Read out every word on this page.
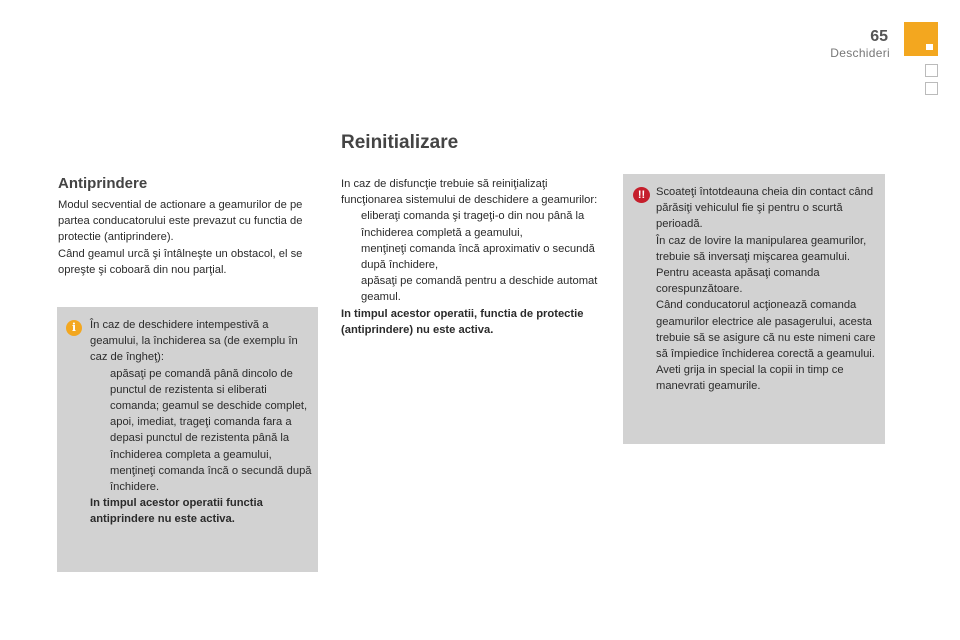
65
Deschideri
Antiprindere

Modul secvential de actionare a geamurilor de pe partea conducatorului este prevazut cu functia de protectie (antiprindere).

Când geamul urcă şi întâlneşte un obstacol, el se opreşte şi coboară din nou parţial.

i	În caz de deschidere intempestivă a geamului, la închiderea sa (de exemplu în caz de îngheţ):

apăsaţi pe comandă până dincolo de punctul de rezistenta si eliberati comanda; geamul se deschide complet,
apoi, imediat, trageţi comanda fara a depasi punctul de rezistenta până la închiderea completa a geamului,
menţineţi comanda încă o secundă după închidere.

In timpul acestor operatii functia antiprindere nu este activa.

Reinitializare

In caz de disfuncţie trebuie să reiniţializaţi funcţionarea sistemului de deschidere a geamurilor:

eliberaţi comanda şi trageţi-o din nou până la închiderea completă a geamului,
menţineţi comanda încă aproximativ o secundă după închidere,
apăsaţi pe comandă pentru a deschide automat geamul.

In timpul acestor operatii, functia de protectie (antiprindere) nu este activa.

!! Scoateţi întotdeauna cheia din contact când părăsiţi vehiculul fie şi pentru o scurtă perioadă.

În caz de lovire la manipularea geamurilor, trebuie să inversaţi mişcarea geamului. Pentru aceasta apăsaţi comanda corespunzătoare.

Când conducatorul acţionează comanda geamurilor electrice ale pasagerului, acesta trebuie să se asigure că nu este nimeni care să împiedice închiderea corectă a geamului.

Aveti grija in special la copii in timp ce manevrati geamurile.
